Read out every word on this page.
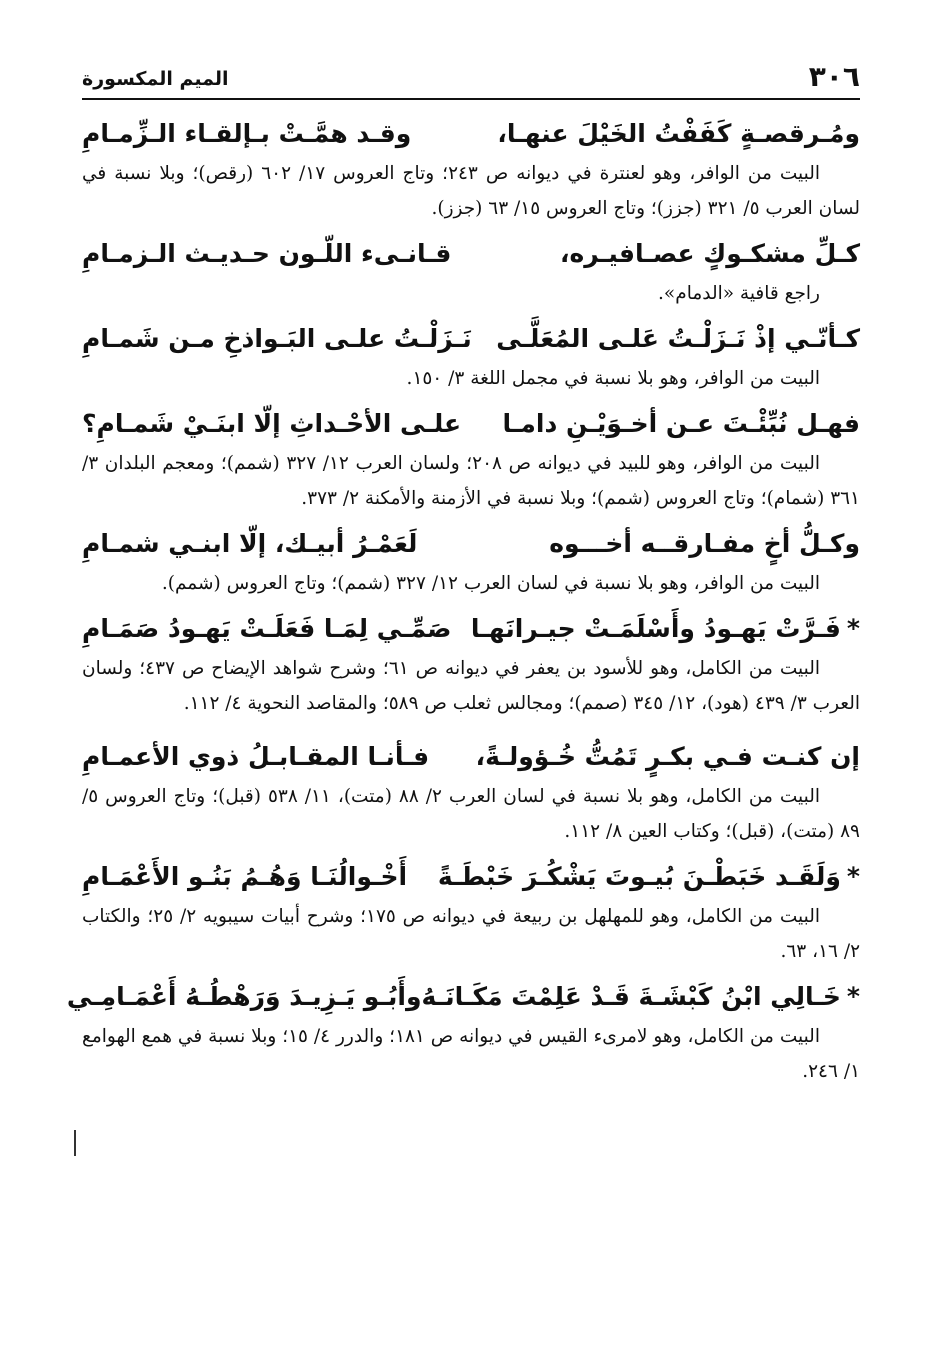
٣٠٦
الميم المكسورة
ومُـرقصـةٍ كَفَفْتُ الخَيْلَ عنهـا،
وقـد همَّـتْ بـإلقـاء الـزِّمـامِ

البيت من الوافر، وهو لعنترة في ديوانه ص ٢٤٣؛ وتاج العروس ١٧/ ٦٠٢ (رقص)؛ وبلا نسبة في لسان العرب ٥/ ٣٢١ (جزز)؛ وتاج العروس ١٥/ ٦٣ (جزز).

كـلِّ مشكـوكٍ عصـافيـره،
قـانـىء اللّـون حـديـث الـزمـامِ

راجع قافية «الدمام».

كـأنّـي إذْ نَـزَلْـتُ عَلـى المُعَلَّـى
نَـزَلْـتُ علـى البَـواذخِ مـن شَمـامِ

البيت من الوافر، وهو بلا نسبة في مجمل اللغة ٣/ ١٥٠.

فهـل نُبِّئْـتَ عـن أخـوَيْـنِ دامـا
علـى الأحْـداثِ إلّا ابنَـيْ شَمـامِ؟

البيت من الوافر، وهو للبيد في ديوانه ص ٢٠٨؛ ولسان العرب ١٢/ ٣٢٧ (شمم)؛ ومعجم البلدان ٣/ ٣٦١ (شمام)؛ وتاج العروس (شمم)؛ وبلا نسبة في الأزمنة والأمكنة ٢/ ٣٧٣.

وكـلُّ أخٍ مفـارقــه أخـــوه
لَعَمْـرُ أبيـك، إلّا ابنـي شمـامِ

البيت من الوافر، وهو بلا نسبة في لسان العرب ١٢/ ٣٢٧ (شمم)؛ وتاج العروس (شمم).

*فَـرَّتْ يَهـودُ وأَسْلَمَـتْ جيـرانَهـا
صَمِّـي لِمَـا فَعَلَـتْ يَهـودُ صَمَـامِ

البيت من الكامل، وهو للأسود بن يعفر في ديوانه ص ٦١؛ وشرح شواهد الإيضاح ص ٤٣٧؛ ولسان العرب ٣/ ٤٣٩ (هود)، ١٢/ ٣٤٥ (صمم)؛ ومجالس ثعلب ص ٥٨٩؛ والمقاصد النحوية ٤/ ١١٢.

إن كنـت فـي بكـرٍ تَمُتُّ خُـؤولـةً،
فـأنـا المقـابـلُ ذوي الأعمـامِ

البيت من الكامل، وهو بلا نسبة في لسان العرب ٢/ ٨٨ (متت)، ١١/ ٥٣٨ (قبل)؛ وتاج العروس ٥/ ٨٩ (متت)، (قبل)؛ وكتاب العين ٨/ ١١٢.

*وَلَقَـد خَبَطْـنَ بُيـوتَ يَشْكُـرَ خَبْطَـةً
أَخْـوالُنَـا وَهُـمُ بَنُـو الأَعْمَـامِ

البيت من الكامل، وهو للمهلهل بن ربيعة في ديوانه ص ١٧٥؛ وشرح أبيات سيبويه ٢/ ٢٥؛ والكتاب ٢/ ١٦، ٦٣.

*خَـالِي ابْنُ كَبْشَـةَ قَـدْ عَلِمْتَ مَكَـانَـهُ
وأَبُـو يَـزِيـدَ وَرَهْطُـهُ أَعْمَـامِـي

البيت من الكامل، وهو لامرىء القيس في ديوانه ص ١٨١؛ والدرر ٤/ ١٥؛ وبلا نسبة في همع الهوامع ١/ ٢٤٦.
